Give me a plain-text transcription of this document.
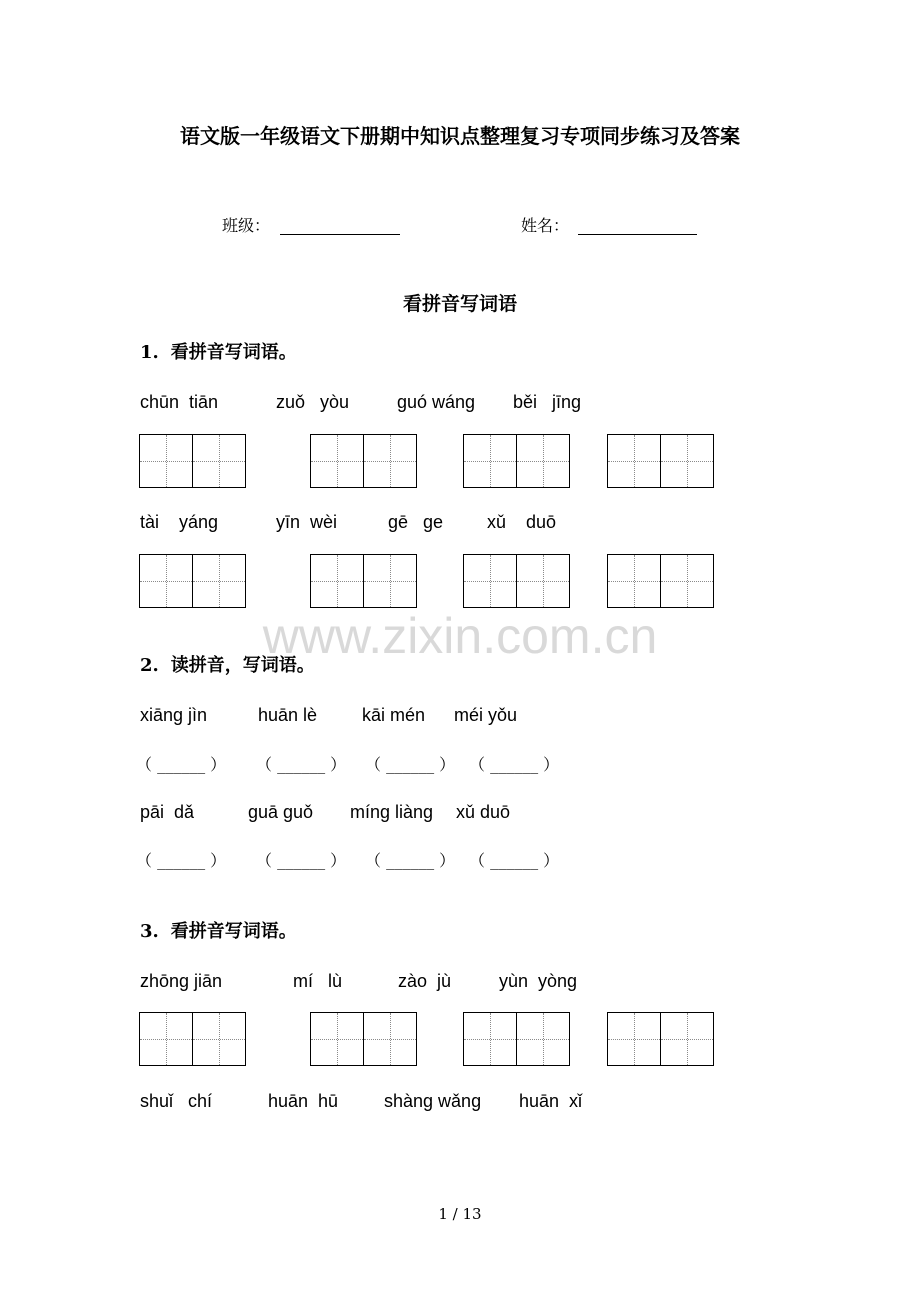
语文版一年级语文下册期中知识点整理复习专项同步练习及答案
班级：	姓名：
看拼音写词语
1. 看拼音写词语。
chūn  tiān	zuǒ   yòu	guó wáng běi   jīng
tài    yáng	yīn  wèi	gē   ge xǔ    duō
www.zixin.com.cn
2. 读拼音，写词语。
xiāng jìn	huān lè kāi mén méi yǒu
（ ______ ） （ ______ ） （ ______ ） （ ______ ）
pāi  dǎ	guā guǒ míng liàng xǔ duō
（ ______ ） （ ______ ） （ ______ ） （ ______ ）
3. 看拼音写词语。
zhōng jiān	mí   lù	zào  jù	yùn  yòng
shuǐ   chí	huān  hū	shàng wǎng huān  xǐ
1 / 13
